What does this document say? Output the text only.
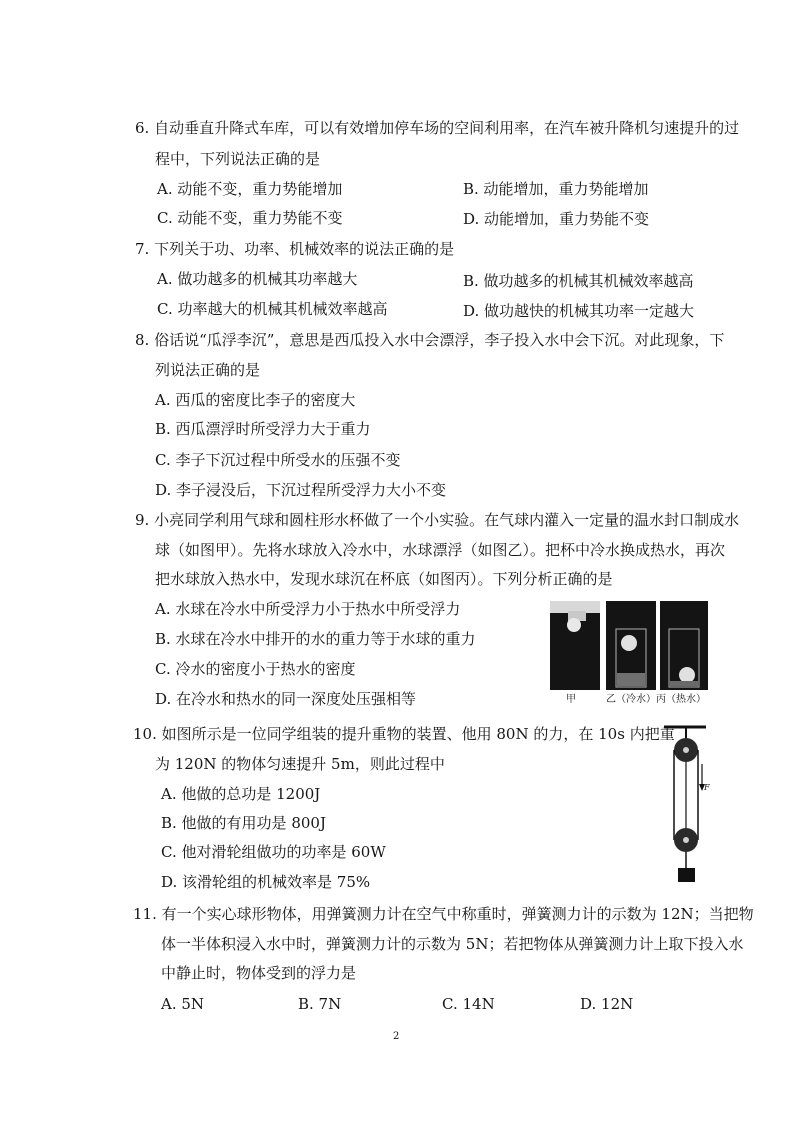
6. 自动垂直升降式车库，可以有效增加停车场的空间利用率，在汽车被升降机匀速提升的过
程中，下列说法正确的是
A. 动能不变，重力势能增加	B. 动能增加，重力势能增加
C. 动能不变，重力势能不变	D. 动能增加，重力势能不变
7. 下列关于功、功率、机械效率的说法正确的是
A. 做功越多的机械其功率越大	B. 做功越多的机械其机械效率越高
C. 功率越大的机械其机械效率越高	D. 做功越快的机械其功率一定越大
8. 俗话说“瓜浮李沉”，意思是西瓜投入水中会漂浮，李子投入水中会下沉。对此现象，下
列说法正确的是
A. 西瓜的密度比李子的密度大
B. 西瓜漂浮时所受浮力大于重力
C. 李子下沉过程中所受水的压强不变
D. 李子浸没后，下沉过程所受浮力大小不变
9. 小亮同学利用气球和圆柱形水杯做了一个小实验。在气球内灌入一定量的温水封口制成水
球（如图甲）。先将水球放入冷水中，水球漂浮（如图乙）。把杯中冷水换成热水，再次
把水球放入热水中，发现水球沉在杯底（如图丙）。下列分析正确的是
A. 水球在冷水中所受浮力小于热水中所受浮力
B. 水球在冷水中排开的水的重力等于水球的重力
C. 冷水的密度小于热水的密度
D. 在冷水和热水的同一深度处压强相等	甲	乙（冷水）丙（热水）
10. 如图所示是一位同学组装的提升重物的装置、他用 80N 的力，在 10s 内把重
为 120N 的物体匀速提升 5m，则此过程中
A. 他做的总功是 1200J
B. 他做的有用功是 800J
C. 他对滑轮组做功的功率是 60W
D. 该滑轮组的机械效率是 75%
F
11. 有一个实心球形物体，用弹簧测力计在空气中称重时，弹簧测力计的示数为 12N；当把物
体一半体积浸入水中时，弹簧测力计的示数为 5N；若把物体从弹簧测力计上取下投入水
中静止时，物体受到的浮力是
A. 5N	B. 7N	C. 14N	D. 12N
2
